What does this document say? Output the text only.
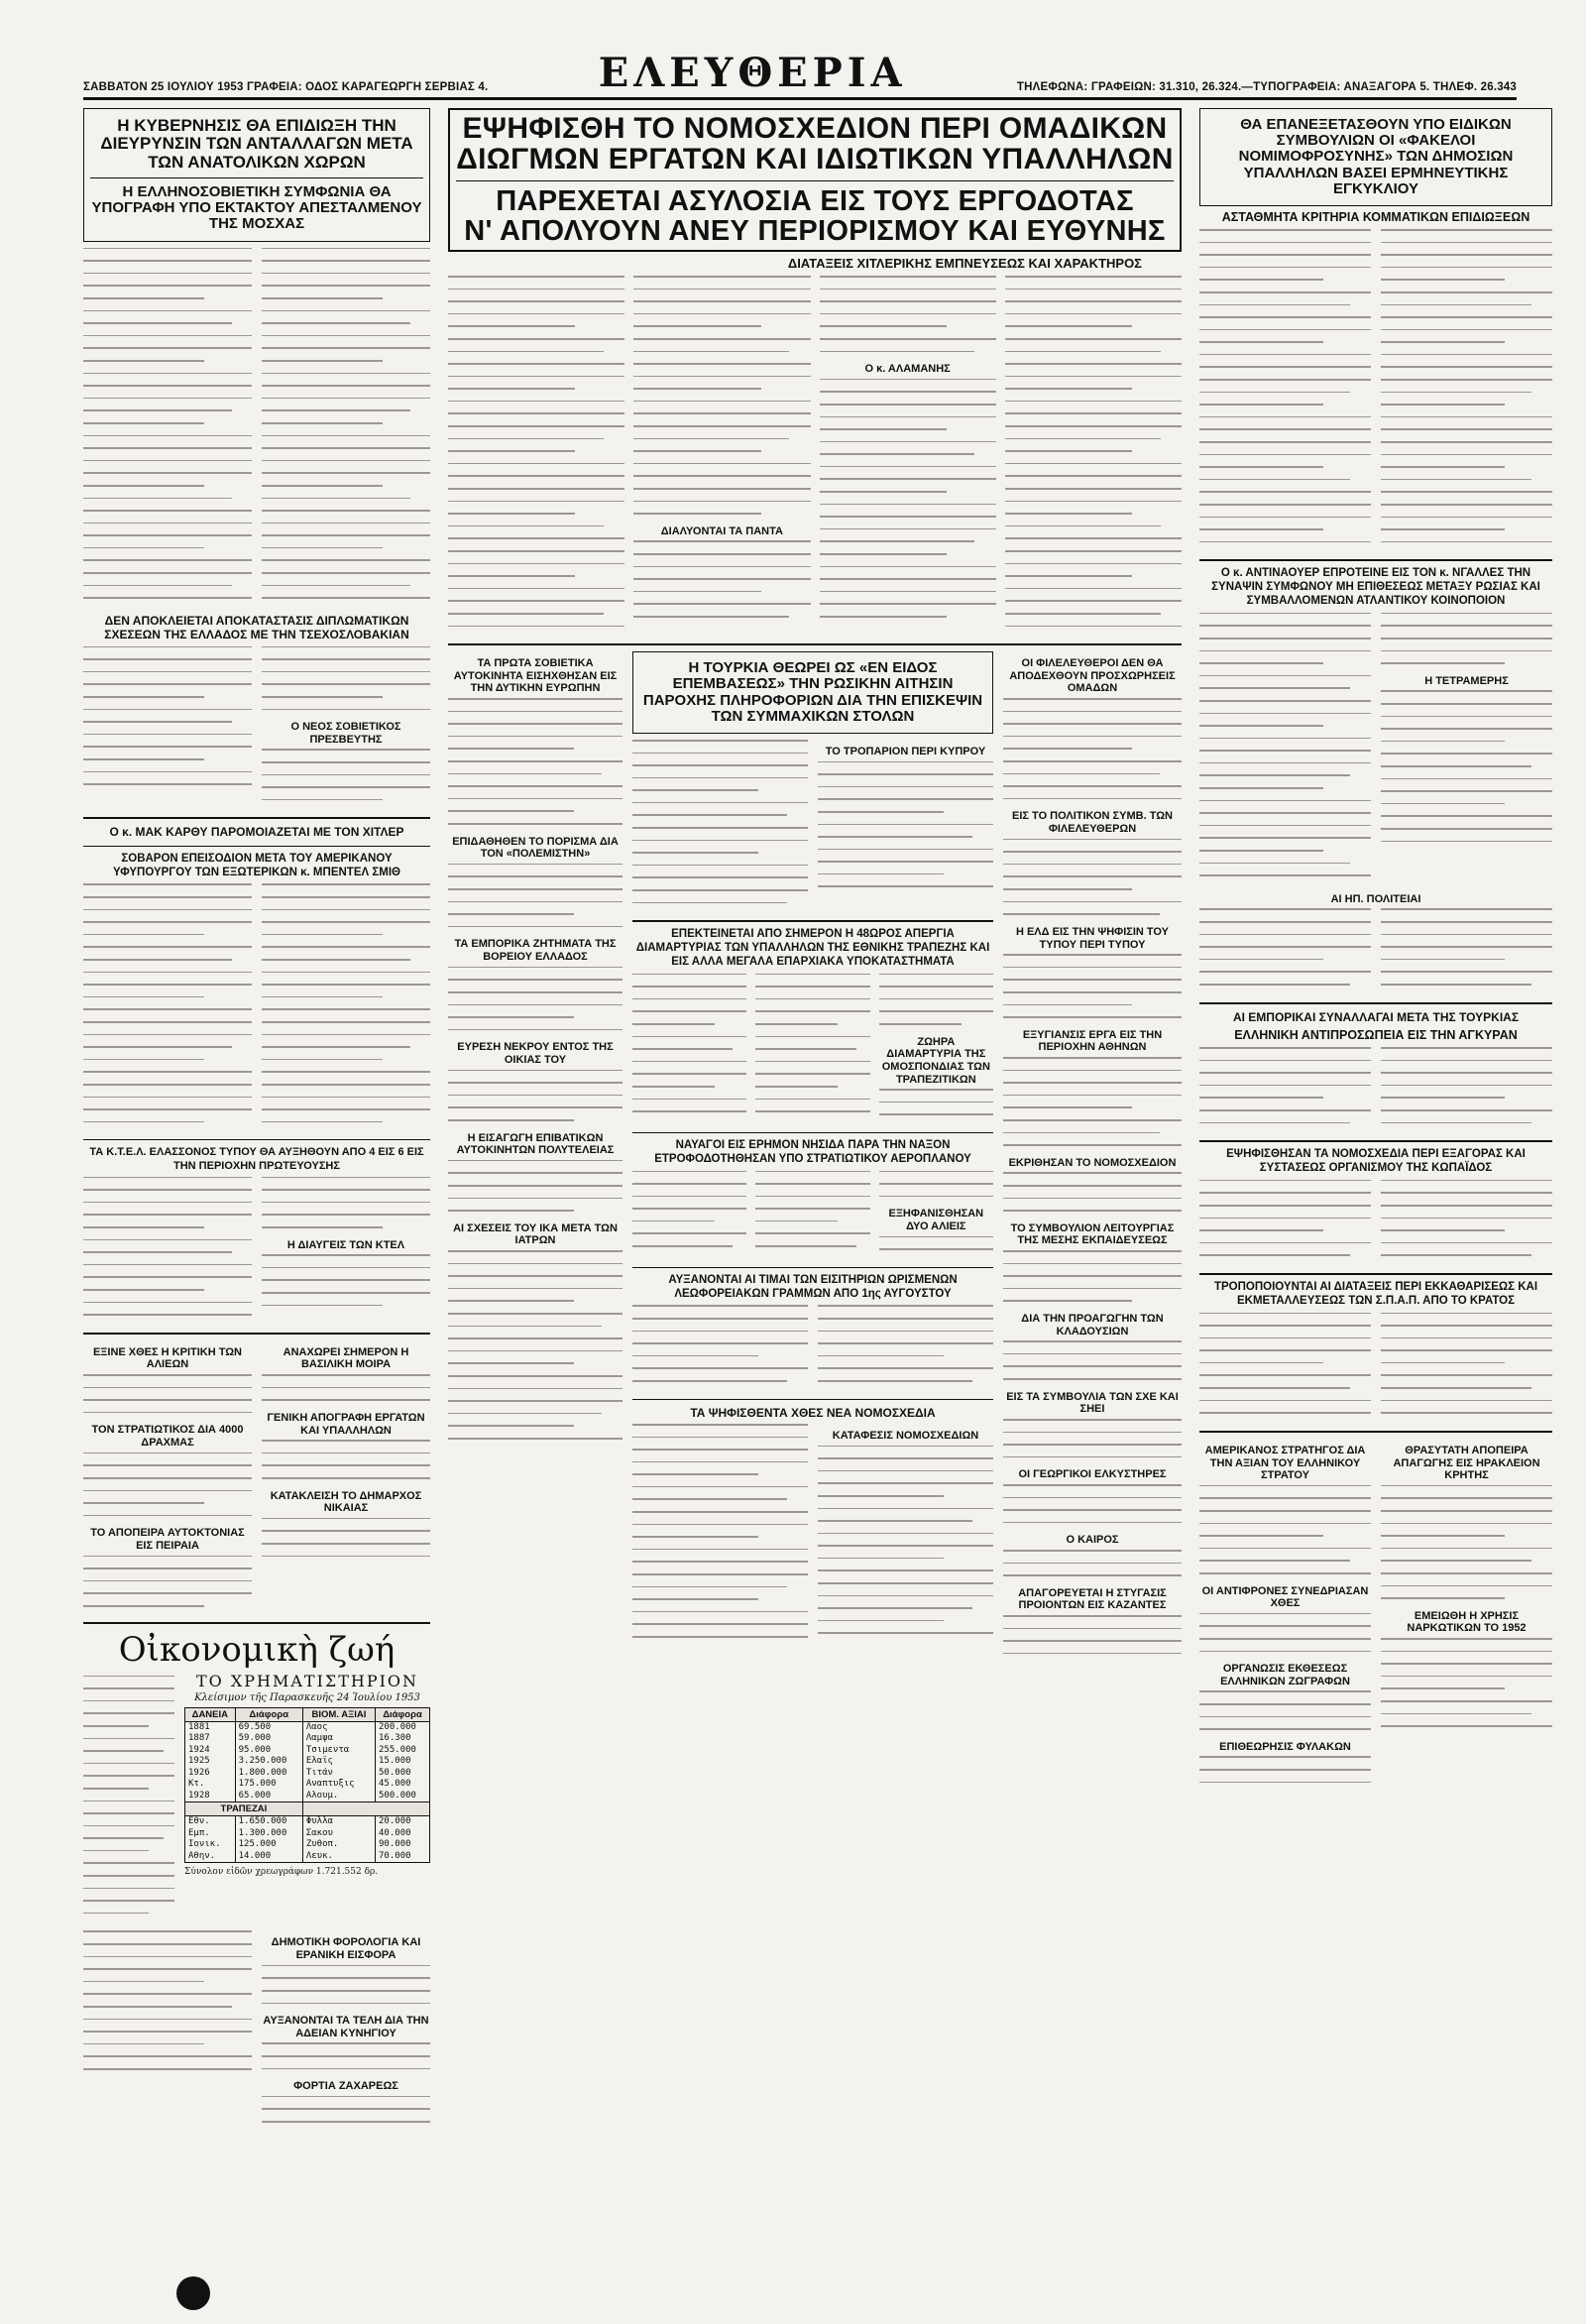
ΣΑΒΒΑΤΟΝ 25 ΙΟΥΛΙΟΥ 1953 ΓΡΑΦΕΙΑ: ΟΔΟΣ ΚΑΡΑΓΕΩΡΓΗ ΣΕΡΒΙΑΣ 4.	ΕΛΕΥΘΕΡΙΑ	ΤΗΛΕΦΩΝΑ: ΓΡΑΦΕΙΩΝ: 31.310, 26.324.—ΤΥΠΟΓΡΑΦΕΙΑ: ΑΝΑΞΑΓΟΡΑ 5. ΤΗΛΕΦ. 26.343
Η ΚΥΒΕΡΝΗΣΙΣ ΘΑ ΕΠΙΔΙΩΞΗ ΤΗΝ ΔΙΕΥΡΥΝΣΙΝ ΤΩΝ ΑΝΤΑΛΛΑΓΩΝ ΜΕΤΑ ΤΩΝ ΑΝΑΤΟΛΙΚΩΝ ΧΩΡΩΝ
Η ΕΛΛΗΝΟΣΟΒΙΕΤΙΚΗ ΣΥΜΦΩΝΙΑ ΘΑ ΥΠΟΓΡΑΦΗ ΥΠΟ ΕΚΤΑΚΤΟΥ ΑΠΕΣΤΑΛΜΕΝΟΥ ΤΗΣ ΜΟΣΧΑΣ
ΔΕΝ ΑΠΟΚΛΕΙΕΤΑΙ ΑΠΟΚΑΤΑΣΤΑΣΙΣ ΔΙΠΛΩΜΑΤΙΚΩΝ ΣΧΕΣΕΩΝ ΤΗΣ ΕΛΛΑΔΟΣ ΜΕ ΤΗΝ ΤΣΕΧΟΣΛΟΒΑΚΙΑΝ
Ο ΝΕΟΣ ΣΟΒΙΕΤΙΚΟΣ ΠΡΕΣΒΕΥΤΗΣ
Ο κ. ΜΑΚ ΚΑΡΘΥ ΠΑΡΟΜΟΙΑΖΕΤΑΙ ΜΕ ΤΟΝ ΧΙΤΛΕΡ
ΣΟΒΑΡΟΝ ΕΠΕΙΣΟΔΙΟΝ ΜΕΤΑ ΤΟΥ ΑΜΕΡΙΚΑΝΟΥ ΥΦΥΠΟΥΡΓΟΥ ΤΩΝ ΕΞΩΤΕΡΙΚΩΝ κ. ΜΠΕΝΤΕΛ ΣΜΙΘ
ΤΑ Κ.Τ.Ε.Λ. ΕΛΑΣΣΟΝΟΣ ΤΥΠΟΥ ΘΑ ΑΥΞΗΘΟΥΝ ΑΠΟ 4 ΕΙΣ 6 ΕΙΣ ΤΗΝ ΠΕΡΙΟΧΗΝ ΠΡΩΤΕΥΟΥΣΗΣ
Η ΔΙΑΥΓΕΙΣ ΤΩΝ ΚΤΕΛ
ΕΞΙΝΕ ΧΘΕΣ Η ΚΡΙΤΙΚΗ ΤΩΝ ΑΛΙΕΩΝ
ΤΟΝ ΣΤΡΑΤΙΩΤΙΚΟΣ ΔΙΑ 4000 ΔΡΑΧΜΑΣ
ΤΟ ΑΠΟΠΕΙΡΑ ΑΥΤΟΚΤΟΝΙΑΣ ΕΙΣ ΠΕΙΡΑΙΑ
ΑΝΑΧΩΡΕΙ ΣΗΜΕΡΟΝ Η ΒΑΣΙΛΙΚΗ ΜΟΙΡΑ
ΓΕΝΙΚΗ ΑΠΟΓΡΑΦΗ ΕΡΓΑΤΩΝ ΚΑΙ ΥΠΑΛΛΗΛΩΝ
ΚΑΤΑΚΛΕΙΣΗ ΤΟ ΔΗΜΑΡΧΟΣ ΝΙΚΑΙΑΣ
Οἰκονομικὴ ζωή
ΤΟ ΧΡΗΜΑΤΙΣΤΗΡΙΟΝ
Κλείσιμον τῆς Παρασκευῆς 24 Ἰουλίου 1953
ΔΑΝΕΙΑ	Διάφορα	ΒΙΟΜ. ΑΞΙΑΙ	Διάφορα
1881	69.500	Λαος	200.000
1887	59.000	Λαμψα	16.300
1924	95.000	Τσιμεντα	255.000
1925	3.250.000	Ελαϊς	15.000
1926	1.800.000	Τιτάν	50.000
Κτ.	175.000	Αναπτυξις	45.000
1928	65.000	Αλουμ.	500.000
ΤΡΑΠΕΖΑΙ			
Εθν.	1.650.000	Φυλλα	20.000
Εμπ.	1.300.000	Σακου	40.000
Ιονικ.	125.000	Ζυθοπ.	90.000
Αθην.	14.000	Λευκ.	70.000
Σύνολον εἰδῶν χρεωγράφων 1.721.552 δρ.
ΔΗΜΟΤΙΚΗ ΦΟΡΟΛΟΓΙΑ ΚΑΙ ΕΡΑΝΙΚΗ ΕΙΣΦΟΡΑ
ΑΥΞΑΝΟΝΤΑΙ ΤΑ ΤΕΛΗ ΔΙΑ ΤΗΝ ΑΔΕΙΑΝ ΚΥΝΗΓΙΟΥ
ΦΟΡΤΙΑ ΖΑΧΑΡΕΩΣ
ΕΨΗΦΙΣΘΗ ΤΟ ΝΟΜΟΣΧΕΔΙΟΝ ΠΕΡΙ ΟΜΑΔΙΚΩΝ
ΔΙΩΓΜΩΝ ΕΡΓΑΤΩΝ ΚΑΙ ΙΔΙΩΤΙΚΩΝ ΥΠΑΛΛΗΛΩΝ
ΠΑΡΕΧΕΤΑΙ ΑΣΥΛΟΣΙΑ ΕΙΣ ΤΟΥΣ ΕΡΓΟΔΟΤΑΣ
Ν' ΑΠΟΛΥΟΥΝ ΑΝΕΥ ΠΕΡΙΟΡΙΣΜΟΥ ΚΑΙ ΕΥΘΥΝΗΣ
ΔΙΑΤΑΞΕΙΣ ΧΙΤΛΕΡΙΚΗΣ ΕΜΠΝΕΥΣΕΩΣ ΚΑΙ ΧΑΡΑΚΤΗΡΟΣ
ΔΙΑΛΥΟΝΤΑΙ ΤΑ ΠΑΝΤΑ
Ο κ. ΑΛΑΜΑΝΗΣ
ΤΑ ΠΡΩΤΑ ΣΟΒΙΕΤΙΚΑ ΑΥΤΟΚΙΝΗΤΑ ΕΙΣΗΧΘΗΣΑΝ ΕΙΣ ΤΗΝ ΔΥΤΙΚΗΝ ΕΥΡΩΠΗΝ
ΕΠΙΔΑΘΗΘΕΝ ΤΟ ΠΟΡΙΣΜΑ ΔΙΑ ΤΟΝ «ΠΟΛΕΜΙΣΤΗΝ»
ΤΑ ΕΜΠΟΡΙΚΑ ΖΗΤΗΜΑΤΑ ΤΗΣ ΒΟΡΕΙΟΥ ΕΛΛΑΔΟΣ
ΕΥΡΕΣΗ ΝΕΚΡΟΥ ΕΝΤΟΣ ΤΗΣ ΟΙΚΙΑΣ ΤΟΥ
Η ΕΙΣΑΓΩΓΗ ΕΠΙΒΑΤΙΚΩΝ ΑΥΤΟΚΙΝΗΤΩΝ ΠΟΛΥΤΕΛΕΙΑΣ
ΑΙ ΣΧΕΣΕΙΣ ΤΟΥ ΙΚΑ ΜΕΤΑ ΤΩΝ ΙΑΤΡΩΝ
Η ΤΟΥΡΚΙΑ ΘΕΩΡΕΙ ΩΣ «ΕΝ ΕΙΔΟΣ ΕΠΕΜΒΑΣΕΩΣ» ΤΗΝ ΡΩΣΙΚΗΝ ΑΙΤΗΣΙΝ ΠΑΡΟΧΗΣ ΠΛΗΡΟΦΟΡΙΩΝ ΔΙΑ ΤΗΝ ΕΠΙΣΚΕΨΙΝ ΤΩΝ ΣΥΜΜΑΧΙΚΩΝ ΣΤΟΛΩΝ
ΤΟ ΤΡΟΠΑΡΙΟΝ ΠΕΡΙ ΚΥΠΡΟΥ
ΕΠΕΚΤΕΙΝΕΤΑΙ ΑΠΟ ΣΗΜΕΡΟΝ Η 48ΩΡΟΣ ΑΠΕΡΓΙΑ ΔΙΑΜΑΡΤΥΡΙΑΣ ΤΩΝ ΥΠΑΛΛΗΛΩΝ ΤΗΣ ΕΘΝΙΚΗΣ ΤΡΑΠΕΖΗΣ ΚΑΙ ΕΙΣ ΑΛΛΑ ΜΕΓΑΛΑ ΕΠΑΡΧΙΑΚΑ ΥΠΟΚΑΤΑΣΤΗΜΑΤΑ
ΖΩΗΡΑ ΔΙΑΜΑΡΤΥΡΙΑ ΤΗΣ ΟΜΟΣΠΟΝΔΙΑΣ ΤΩΝ ΤΡΑΠΕΖΙΤΙΚΩΝ
ΝΑΥΑΓΟΙ ΕΙΣ ΕΡΗΜΟΝ ΝΗΣΙΔΑ ΠΑΡΑ ΤΗΝ ΝΑΞΟΝ ΕΤΡΟΦΟΔΟΤΗΘΗΣΑΝ ΥΠΟ ΣΤΡΑΤΙΩΤΙΚΟΥ ΑΕΡΟΠΛΑΝΟΥ
ΕΞΗΦΑΝΙΣΘΗΣΑΝ ΔΥΟ ΑΛΙΕΙΣ
ΑΥΞΑΝΟΝΤΑΙ ΑΙ ΤΙΜΑΙ ΤΩΝ ΕΙΣΙΤΗΡΙΩΝ ΩΡΙΣΜΕΝΩΝ ΛΕΩΦΟΡΕΙΑΚΩΝ ΓΡΑΜΜΩΝ ΑΠΟ 1ης ΑΥΓΟΥΣΤΟΥ
ΤΑ ΨΗΦΙΣΘΕΝΤΑ ΧΘΕΣ ΝΕΑ ΝΟΜΟΣΧΕΔΙΑ
ΚΑΤΑΦΕΣΙΣ ΝΟΜΟΣΧΕΔΙΩΝ
ΟΙ ΦΙΛΕΛΕΥΘΕΡΟΙ ΔΕΝ ΘΑ ΑΠΟΔΕΧΘΟΥΝ ΠΡΟΣΧΩΡΗΣΕΙΣ ΟΜΑΔΩΝ
ΕΙΣ ΤΟ ΠΟΛΙΤΙΚΟΝ ΣΥΜΒ. ΤΩΝ ΦΙΛΕΛΕΥΘΕΡΩΝ
Η ΕΛΔ ΕΙΣ ΤΗΝ ΨΗΦΙΣΙΝ ΤΟΥ ΤΥΠΟΥ ΠΕΡΙ ΤΥΠΟΥ
ΕΞΥΓΙΑΝΣΙΣ ΕΡΓΑ ΕΙΣ ΤΗΝ ΠΕΡΙΟΧΗΝ ΑΘΗΝΩΝ
ΕΚΡΙΘΗΣΑΝ ΤΟ ΝΟΜΟΣΧΕΔΙΟΝ
ΤΟ ΣΥΜΒΟΥΛΙΟΝ ΛΕΙΤΟΥΡΓΙΑΣ ΤΗΣ ΜΕΣΗΣ ΕΚΠΑΙΔΕΥΣΕΩΣ
ΔΙΑ ΤΗΝ ΠΡΟΑΓΩΓΗΝ ΤΩΝ ΚΛΑΔΟΥΣΙΩΝ
ΕΙΣ ΤΑ ΣΥΜΒΟΥΛΙΑ ΤΩΝ ΣΧΕ ΚΑΙ ΣΗΕΙ
ΟΙ ΓΕΩΡΓΙΚΟΙ ΕΛΚΥΣΤΗΡΕΣ
Ο ΚΑΙΡΟΣ
ΑΠΑΓΟΡΕΥΕΤΑΙ Η ΣΤΥΓΑΣΙΣ ΠΡΟΙΟΝΤΩΝ ΕΙΣ ΚΑΖΑΝΤΕΣ
ΘΑ ΕΠΑΝΕΞΕΤΑΣΘΟΥΝ ΥΠΟ ΕΙΔΙΚΩΝ ΣΥΜΒΟΥΛΙΩΝ ΟΙ «ΦΑΚΕΛΟΙ ΝΟΜΙΜΟΦΡΟΣΥΝΗΣ» ΤΩΝ ΔΗΜΟΣΙΩΝ ΥΠΑΛΛΗΛΩΝ ΒΑΣΕΙ ΕΡΜΗΝΕΥΤΙΚΗΣ ΕΓΚΥΚΛΙΟΥ
ΑΣΤΑΘΜΗΤΑ ΚΡΙΤΗΡΙΑ ΚΟΜΜΑΤΙΚΩΝ ΕΠΙΔΙΩΞΕΩΝ
Ο κ. ΑΝΤΙΝΑΟΥΕΡ ΕΠΡΟΤΕΙΝΕ ΕΙΣ ΤΟΝ κ. ΝΓΑΛΛΕΣ ΤΗΝ ΣΥΝΑΨΙΝ ΣΥΜΦΩΝΟΥ ΜΗ ΕΠΙΘΕΣΕΩΣ ΜΕΤΑΞΥ ΡΩΣΙΑΣ ΚΑΙ ΣΥΜΒΑΛΛΟΜΕΝΩΝ ΑΤΛΑΝΤΙΚΟΥ ΚΟΙΝΟΠΟΙΟΝ
Η ΤΕΤΡΑΜΕΡΗΣ
ΑΙ ΗΠ. ΠΟΛΙΤΕΙΑΙ
ΑΙ ΕΜΠΟΡΙΚΑΙ ΣΥΝΑΛΛΑΓΑΙ ΜΕΤΑ ΤΗΣ ΤΟΥΡΚΙΑΣ
ΕΛΛΗΝΙΚΗ ΑΝΤΙΠΡΟΣΩΠΕΙΑ ΕΙΣ ΤΗΝ ΑΓΚΥΡΑΝ
ΕΨΗΦΙΣΘΗΣΑΝ ΤΑ ΝΟΜΟΣΧΕΔΙΑ ΠΕΡΙ ΕΞΑΓΟΡΑΣ ΚΑΙ ΣΥΣΤΑΣΕΩΣ ΟΡΓΑΝΙΣΜΟΥ ΤΗΣ ΚΩΠΑΪΔΟΣ
ΤΡΟΠΟΠΟΙΟΥΝΤΑΙ ΑΙ ΔΙΑΤΑΞΕΙΣ ΠΕΡΙ ΕΚΚΑΘΑΡΙΣΕΩΣ ΚΑΙ ΕΚΜΕΤΑΛΛΕΥΣΕΩΣ ΤΩΝ Σ.Π.Α.Π. ΑΠΟ ΤΟ ΚΡΑΤΟΣ
ΑΜΕΡΙΚΑΝΟΣ ΣΤΡΑΤΗΓΟΣ ΔΙΑ ΤΗΝ ΑΞΙΑΝ ΤΟΥ ΕΛΛΗΝΙΚΟΥ ΣΤΡΑΤΟΥ
ΟΙ ΑΝΤΙΦΡΟΝΕΣ ΣΥΝΕΔΡΙΑΣΑΝ ΧΘΕΣ
ΟΡΓΑΝΩΣΙΣ ΕΚΘΕΣΕΩΣ ΕΛΛΗΝΙΚΩΝ ΖΩΓΡΑΦΩΝ
ΕΠΙΘΕΩΡΗΣΙΣ ΦΥΛΑΚΩΝ
ΘΡΑΣΥΤΑΤΗ ΑΠΟΠΕΙΡΑ ΑΠΑΓΩΓΗΣ ΕΙΣ ΗΡΑΚΛΕΙΟΝ ΚΡΗΤΗΣ
ΕΜΕΙΩΘΗ Η ΧΡΗΣΙΣ ΝΑΡΚΩΤΙΚΩΝ ΤΟ 1952
